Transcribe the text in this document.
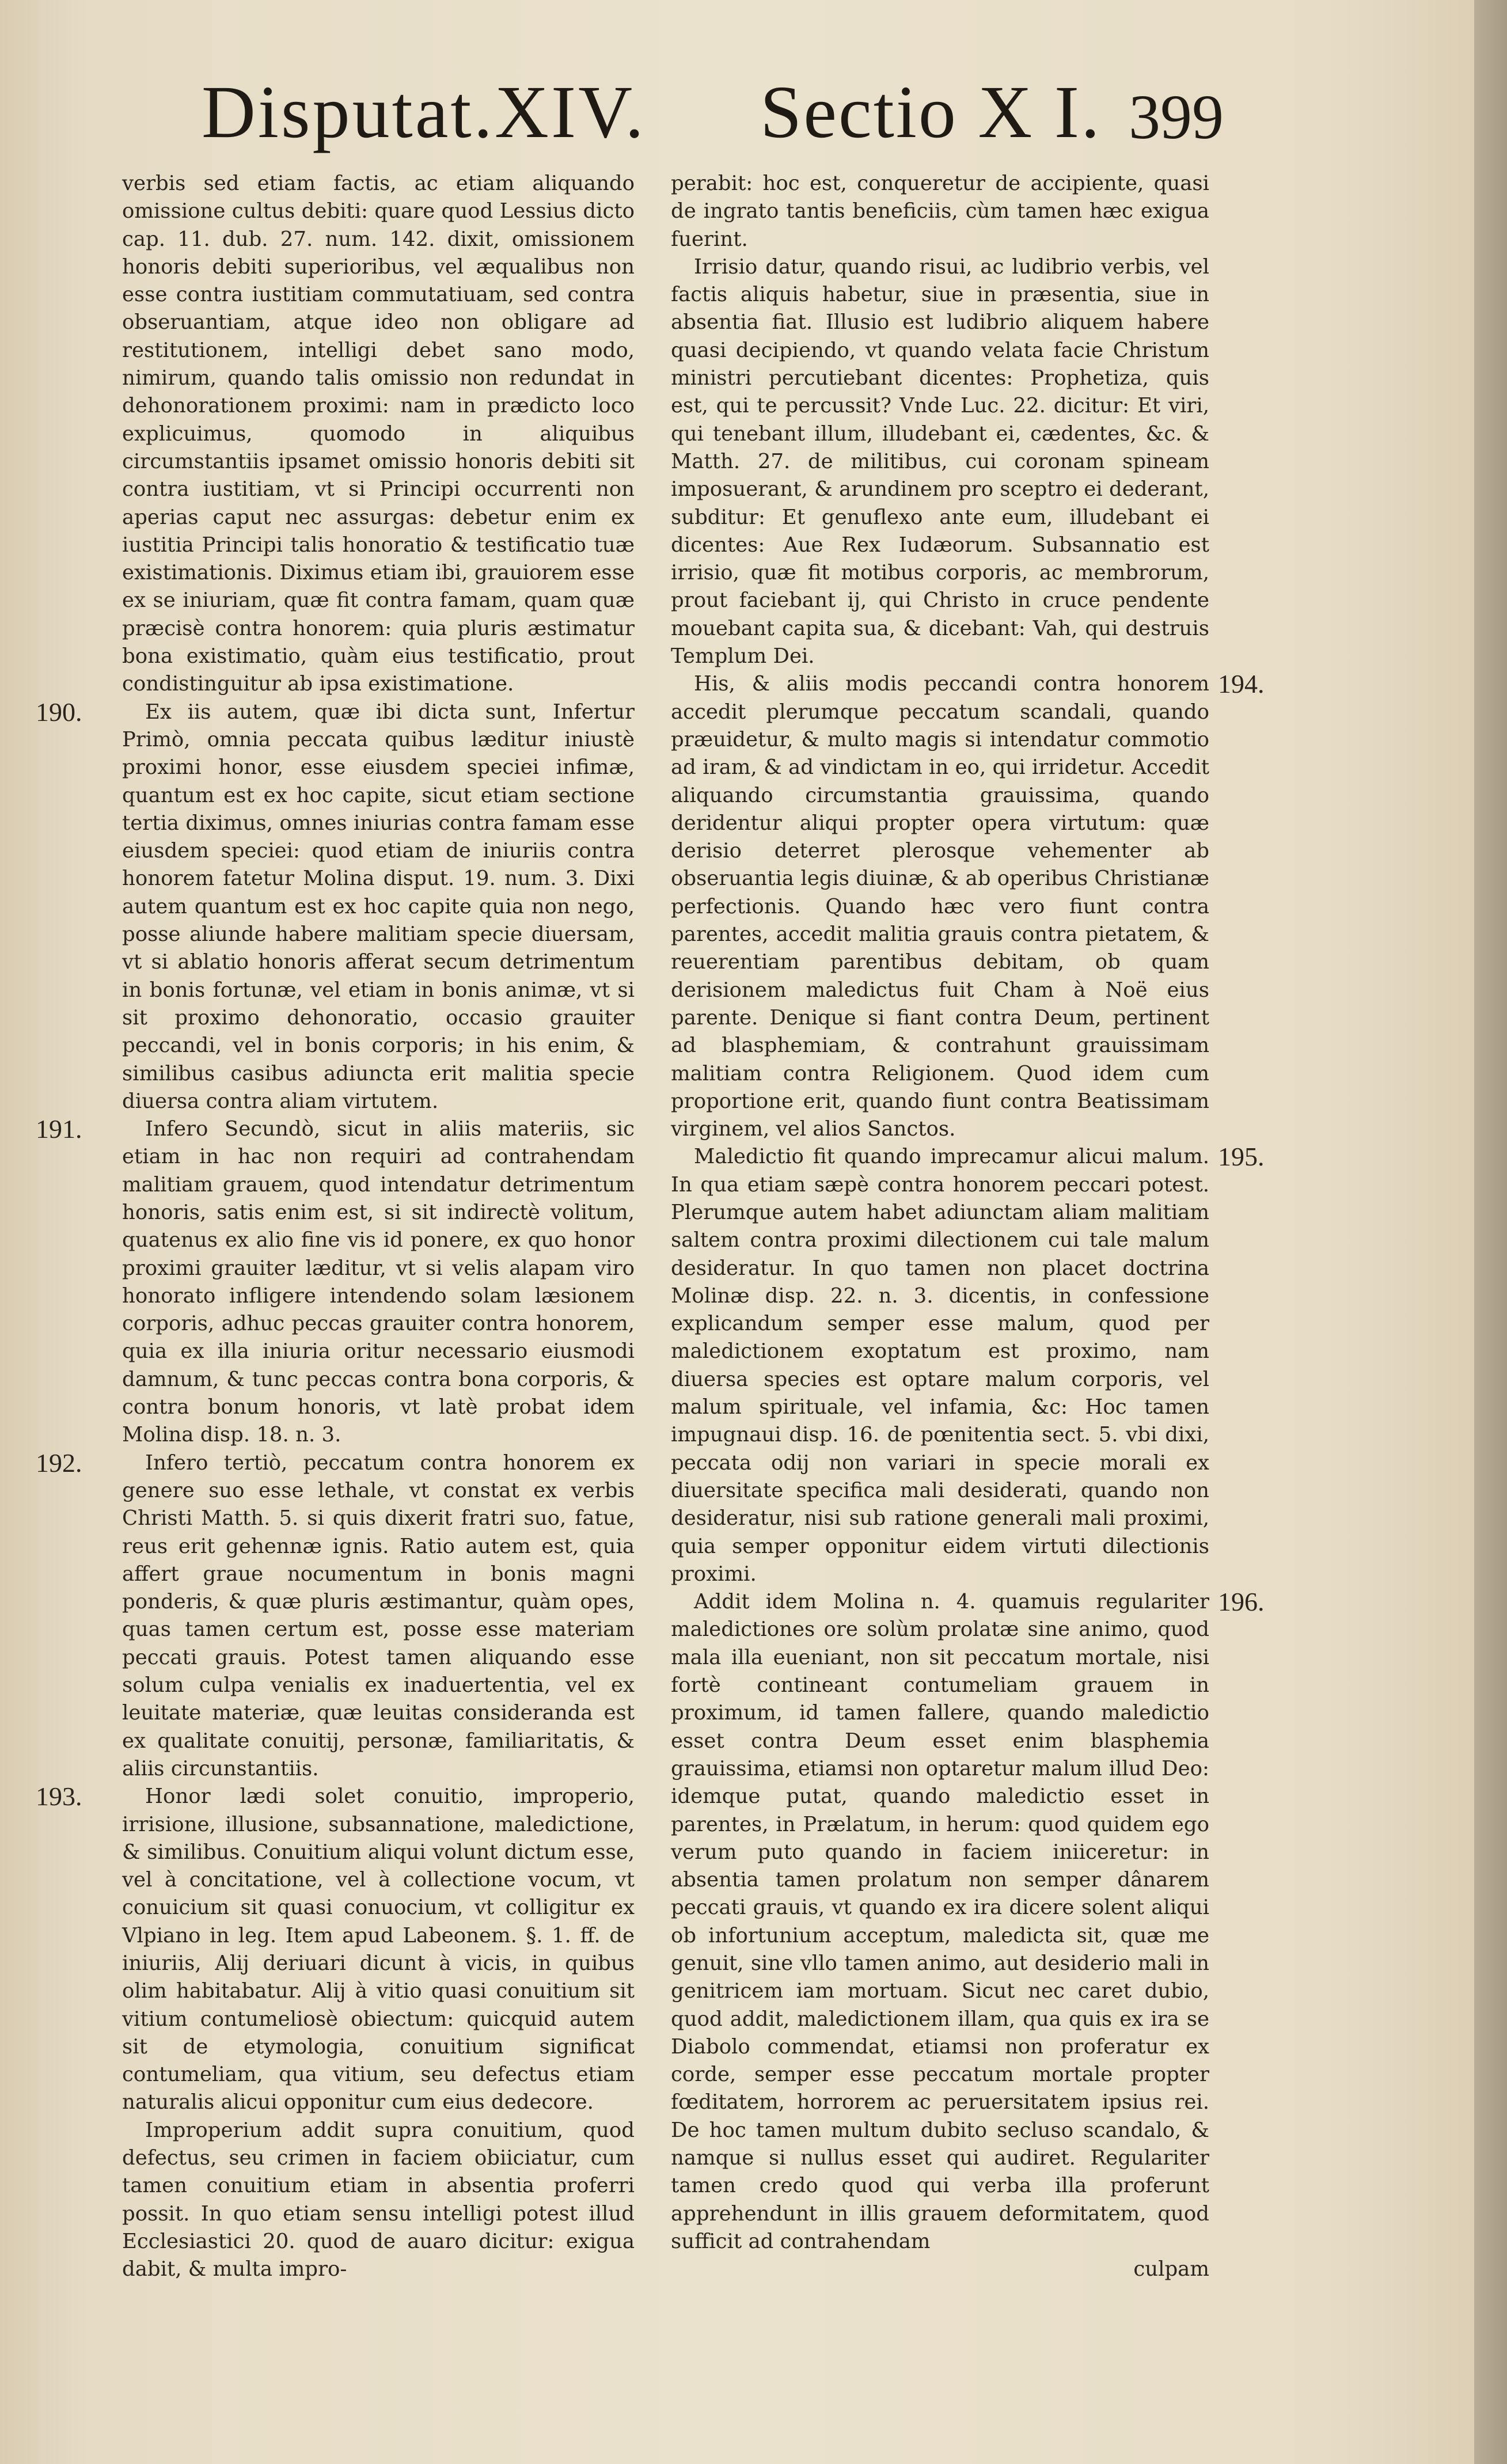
Disputat.XIV. Sectio X I. 399

verbis sed etiam factis, ac etiam aliquando omissione cultus debiti: quare quod Lessius dicto cap. 11. dub. 27. num. 142. dixit, omissionem honoris debiti superioribus, vel æqualibus non esse contra iustitiam commutatiuam, sed contra obseruantiam, atque ideo non obligare ad restitutionem, intelligi debet sano modo, nimirum, quando talis omissio non redundat in dehonorationem proximi: nam in prædicto loco explicuimus, quomodo in aliquibus circumstantiis ipsamet omissio honoris debiti sit contra iustitiam, vt si Principi occurrenti non aperias caput nec assurgas: debetur enim ex iustitia Principi talis honoratio & testificatio tuæ existimationis. Diximus etiam ibi, grauiorem esse ex se iniuriam, quæ fit contra famam, quam quæ præcisè contra honorem: quia pluris æstimatur bona existimatio, quàm eius testificatio, prout condistinguitur ab ipsa existimatione.

190.	Ex iis autem, quæ ibi dicta sunt, Infertur Primò, omnia peccata quibus læditur iniustè proximi honor, esse eiusdem speciei infimæ, quantum est ex hoc capite, sicut etiam sectione tertia diximus, omnes iniurias contra famam esse eiusdem speciei: quod etiam de iniuriis contra honorem fatetur Molina disput. 19. num. 3. Dixi autem quantum est ex hoc capite quia non nego, posse aliunde habere malitiam specie diuersam, vt si ablatio honoris afferat secum detrimentum in bonis fortunæ, vel etiam in bonis animæ, vt si sit proximo dehonoratio, occasio grauiter peccandi, vel in bonis corporis; in his enim, & similibus casibus adiuncta erit malitia specie diuersa contra aliam virtutem.

191.	Infero Secundò, sicut in aliis materiis, sic etiam in hac non requiri ad contrahendam malitiam grauem, quod intendatur detrimentum honoris, satis enim est, si sit indirectè volitum, quatenus ex alio fine vis id ponere, ex quo honor proximi grauiter læditur, vt si velis alapam viro honorato infligere intendendo solam læsionem corporis, adhuc peccas grauiter contra honorem, quia ex illa iniuria oritur necessario eiusmodi damnum, & tunc peccas contra bona corporis, & contra bonum honoris, vt latè probat idem Molina disp. 18. n. 3.

192.	Infero tertiò, peccatum contra honorem ex genere suo esse lethale, vt constat ex verbis Christi Matth. 5. si quis dixerit fratri suo, fatue, reus erit gehennæ ignis. Ratio autem est, quia affert graue nocumentum in bonis magni ponderis, & quæ pluris æstimantur, quàm opes, quas tamen certum est, posse esse materiam peccati grauis. Potest tamen aliquando esse solum culpa venialis ex inaduertentia, vel ex leuitate materiæ, quæ leuitas consideranda est ex qualitate conuitij, personæ, familiaritatis, & aliis circunstantiis.

193.	Honor lædi solet conuitio, improperio, irrisione, illusione, subsannatione, maledictione, & similibus. Conuitium aliqui volunt dictum esse, vel à concitatione, vel à collectione vocum, vt conuicium sit quasi conuocium, vt colligitur ex Vlpiano in leg. Item apud Labeonem. §. 1. ff. de iniuriis, Alij deriuari dicunt à vicis, in quibus olim habitabatur. Alij à vitio quasi conuitium sit vitium contumeliosè obiectum: quicquid autem sit de etymologia, conuitium significat contumeliam, qua vitium, seu defectus etiam naturalis alicui opponitur cum eius dedecore.

Improperium addit supra conuitium, quod defectus, seu crimen in faciem obiiciatur, cum tamen conuitium etiam in absentia proferri possit. In quo etiam sensu intelligi potest illud Ecclesiastici 20. quod de auaro dicitur: exigua dabit, & multa impro-

perabit: hoc est, conqueretur de accipiente, quasi de ingrato tantis beneficiis, cùm tamen hæc exigua fuerint.

Irrisio datur, quando risui, ac ludibrio verbis, vel factis aliquis habetur, siue in præsentia, siue in absentia fiat. Illusio est ludibrio aliquem habere quasi decipiendo, vt quando velata facie Christum ministri percutiebant dicentes: Prophetiza, quis est, qui te percussit? Vnde Luc. 22. dicitur: Et viri, qui tenebant illum, illudebant ei, cædentes, &c. & Matth. 27. de militibus, cui coronam spineam imposuerant, & arundinem pro sceptro ei dederant, subditur: Et genuflexo ante eum, illudebant ei dicentes: Aue Rex Iudæorum. Subsannatio est irrisio, quæ fit motibus corporis, ac membrorum, prout faciebant ij, qui Christo in cruce pendente mouebant capita sua, & dicebant: Vah, qui destruis Templum Dei.

194.
His, & aliis modis peccandi contra honorem accedit plerumque peccatum scandali, quando præuidetur, & multo magis si intendatur commotio ad iram, & ad vindictam in eo, qui irridetur. Accedit aliquando circumstantia grauissima, quando deridentur aliqui propter opera virtutum: quæ derisio deterret plerosque vehementer ab obseruantia legis diuinæ, & ab operibus Christianæ perfectionis. Quando hæc vero fiunt contra parentes, accedit malitia grauis contra pietatem, & reuerentiam parentibus debitam, ob quam derisionem maledictus fuit Cham à Noë eius parente. Denique si fiant contra Deum, pertinent ad blasphemiam, & contrahunt grauissimam malitiam contra Religionem. Quod idem cum proportione erit, quando fiunt contra Beatissimam virginem, vel alios Sanctos.

195.
Maledictio fit quando imprecamur alicui malum. In qua etiam sæpè contra honorem peccari potest. Plerumque autem habet adiunctam aliam malitiam saltem contra proximi dilectionem cui tale malum desideratur. In quo tamen non placet doctrina Molinæ disp. 22. n. 3. dicentis, in confessione explicandum semper esse malum, quod per maledictionem exoptatum est proximo, nam diuersa species est optare malum corporis, vel malum spirituale, vel infamia, &c: Hoc tamen impugnaui disp. 16. de pœnitentia sect. 5. vbi dixi, peccata odij non variari in specie morali ex diuersitate specifica mali desiderati, quando non desideratur, nisi sub ratione generali mali proximi, quia semper opponitur eidem virtuti dilectionis proximi.

196.
Addit idem Molina n. 4. quamuis regulariter maledictiones ore solùm prolatæ sine animo, quod mala illa eueniant, non sit peccatum mortale, nisi fortè contineant contumeliam grauem in proximum, id tamen fallere, quando maledictio esset contra Deum esset enim blasphemia grauissima, etiamsi non optaretur malum illud Deo: idemque putat, quando maledictio esset in parentes, in Prælatum, in herum: quod quidem ego verum puto quando in faciem iniiceretur: in absentia tamen prolatum non semper dânarem peccati grauis, vt quando ex ira dicere solent aliqui ob infortunium acceptum, maledicta sit, quæ me genuit, sine vllo tamen animo, aut desiderio mali in genitricem iam mortuam. Sicut nec caret dubio, quod addit, maledictionem illam, qua quis ex ira se Diabolo commendat, etiamsi non proferatur ex corde, semper esse peccatum mortale propter fœditatem, horrorem ac peruersitatem ipsius rei. De hoc tamen multum dubito secluso scandalo, & namque si nullus esset qui audiret. Regulariter tamen credo quod qui verba illa proferunt apprehendunt in illis grauem deformitatem, quod sufficit ad contrahendam

culpam
